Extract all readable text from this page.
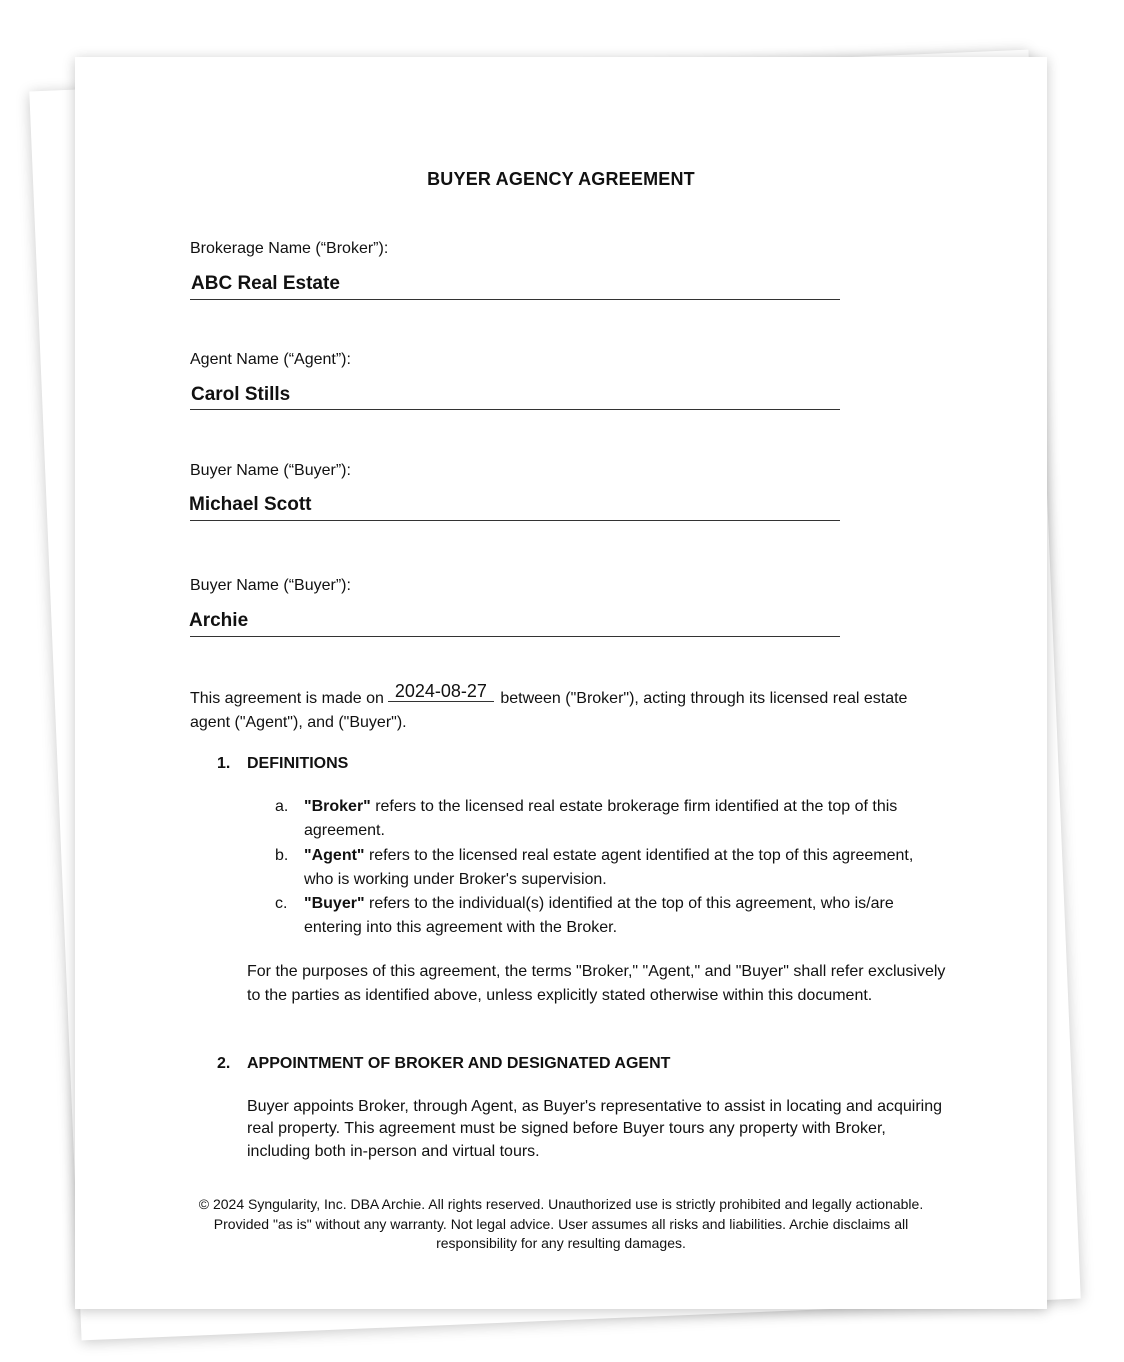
BUYER AGENCY AGREEMENT
Brokerage Name (“Broker”):
ABC Real Estate
Agent Name (“Agent”):
Carol Stills
Buyer Name (“Buyer”):
Michael Scott
Buyer Name (“Buyer”):
Archie
This agreement is made on 2024-08-27 between ("Broker"), acting through its licensed real estate agent ("Agent"), and ("Buyer").
1. DEFINITIONS
a. "Broker" refers to the licensed real estate brokerage firm identified at the top of this agreement.
b. "Agent" refers to the licensed real estate agent identified at the top of this agreement, who is working under Broker's supervision.
c. "Buyer" refers to the individual(s) identified at the top of this agreement, who is/are entering into this agreement with the Broker.
For the purposes of this agreement, the terms "Broker," "Agent," and "Buyer" shall refer exclusively to the parties as identified above, unless explicitly stated otherwise within this document.
2. APPOINTMENT OF BROKER AND DESIGNATED AGENT
Buyer appoints Broker, through Agent, as Buyer's representative to assist in locating and acquiring real property. This agreement must be signed before Buyer tours any property with Broker, including both in-person and virtual tours.
© 2024 Syngularity, Inc. DBA Archie. All rights reserved. Unauthorized use is strictly prohibited and legally actionable. Provided "as is" without any warranty. Not legal advice. User assumes all risks and liabilities. Archie disclaims all responsibility for any resulting damages.
